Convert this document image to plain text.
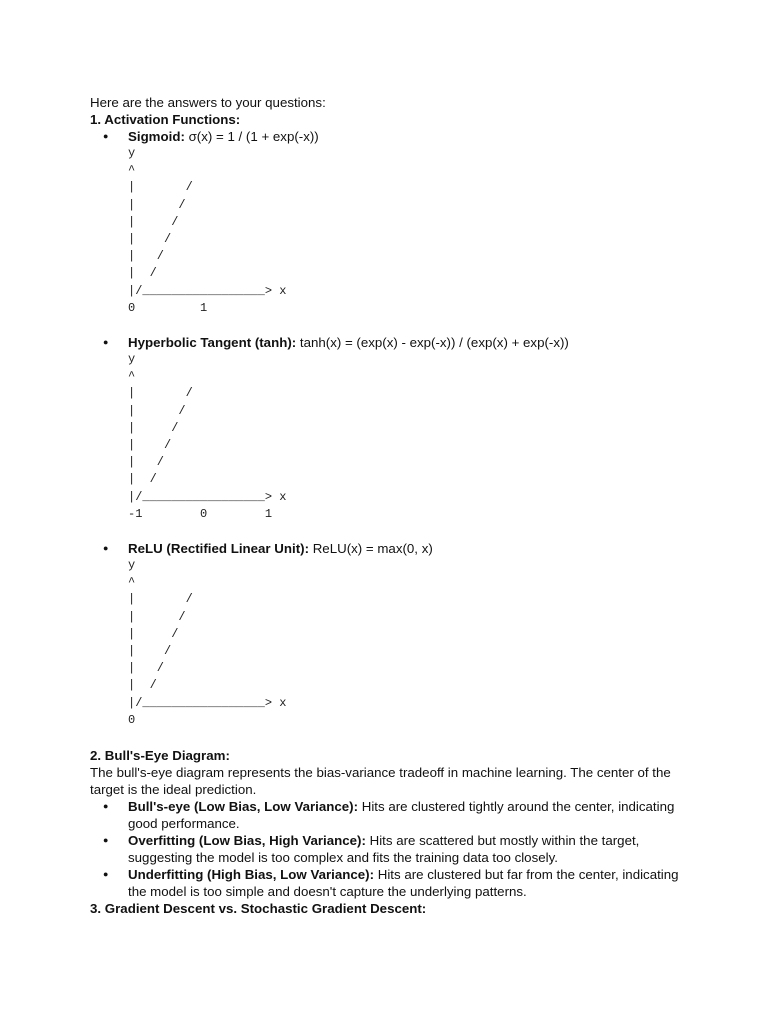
Here are the answers to your questions:
1. Activation Functions:
● Sigmoid: σ(x) = 1 / (1 + exp(-x))
y
^
|       /
|      /
|     /
|    /
|   /
|  /
|/_________________> x
0         1
● Hyperbolic Tangent (tanh): tanh(x) = (exp(x) - exp(-x)) / (exp(x) + exp(-x))
y
^
|       /
|      /
|     /
|    /
|   /
|  /
|/_________________> x
-1        0        1
● ReLU (Rectified Linear Unit): ReLU(x) = max(0, x)
y
^
|       /
|      /
|     /
|    /
|   /
|  /
|/_________________> x
0
2. Bull's-Eye Diagram:
The bull's-eye diagram represents the bias-variance tradeoff in machine learning. The center of the target is the ideal prediction.
● Bull's-eye (Low Bias, Low Variance): Hits are clustered tightly around the center, indicating good performance.
● Overfitting (Low Bias, High Variance): Hits are scattered but mostly within the target, suggesting the model is too complex and fits the training data too closely.
● Underfitting (High Bias, Low Variance): Hits are clustered but far from the center, indicating the model is too simple and doesn't capture the underlying patterns.
3. Gradient Descent vs. Stochastic Gradient Descent:
